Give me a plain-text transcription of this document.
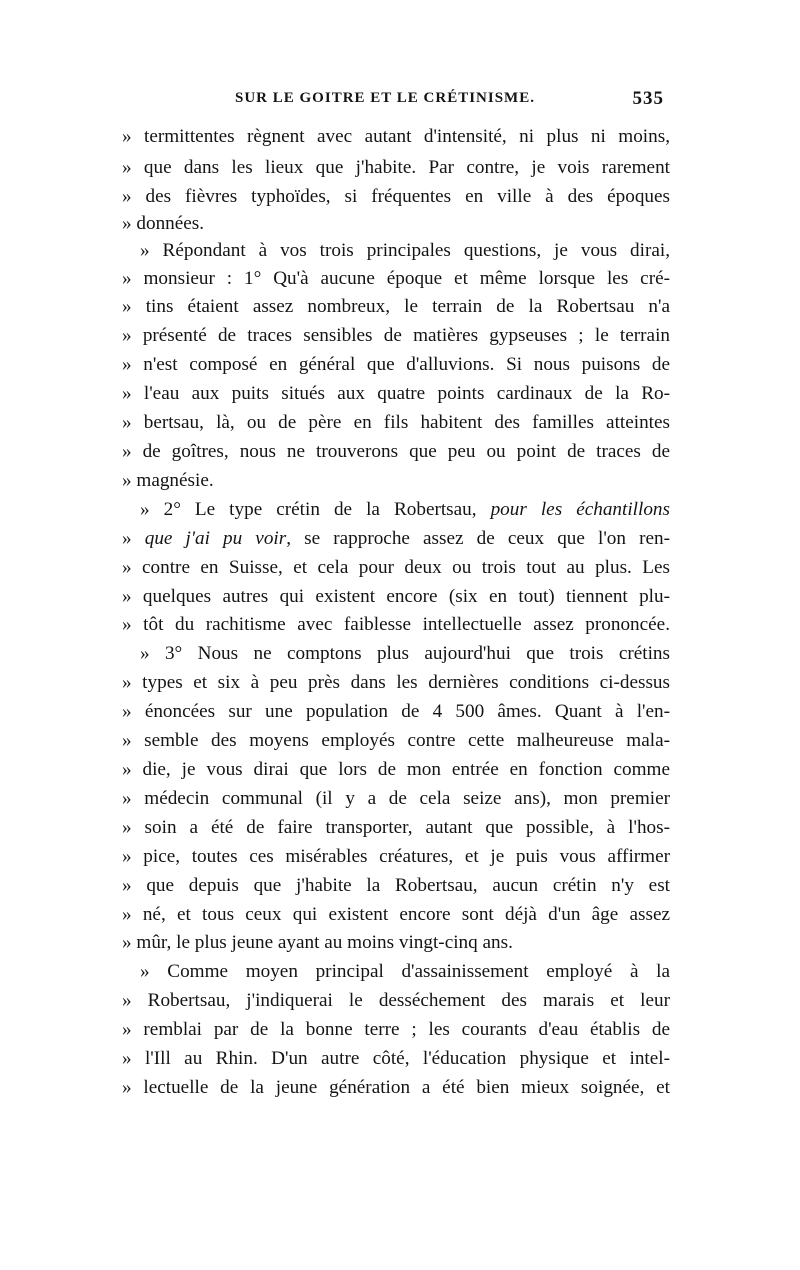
SUR LE GOITRE ET LE CRÉTINISME.	535
» termittentes règnent avec autant d'intensité, ni plus ni moins,
» que dans les lieux que j'habite. Par contre, je vois rarement
» des fièvres typhoïdes, si fréquentes en ville à des époques
» données.
» Répondant à vos trois principales questions, je vous dirai,
» monsieur : 1° Qu'à aucune époque et même lorsque les cré-
» tins étaient assez nombreux, le terrain de la Robertsau n'a
» présenté de traces sensibles de matières gypseuses ; le terrain
» n'est composé en général que d'alluvions. Si nous puisons de
» l'eau aux puits situés aux quatre points cardinaux de la Ro-
» bertsau, là, ou de père en fils habitent des familles atteintes
» de goîtres, nous ne trouverons que peu ou point de traces de
» magnésie.
» 2° Le type crétin de la Robertsau, pour les échantillons
» que j'ai pu voir, se rapproche assez de ceux que l'on ren-
» contre en Suisse, et cela pour deux ou trois tout au plus. Les
» quelques autres qui existent encore (six en tout) tiennent plu-
» tôt du rachitisme avec faiblesse intellectuelle assez prononcée.
» 3° Nous ne comptons plus aujourd'hui que trois crétins
» types et six à peu près dans les dernières conditions ci-dessus
» énoncées sur une population de 4 500 âmes. Quant à l'en-
» semble des moyens employés contre cette malheureuse mala-
» die, je vous dirai que lors de mon entrée en fonction comme
» médecin communal (il y a de cela seize ans), mon premier
» soin a été de faire transporter, autant que possible, à l'hos-
» pice, toutes ces misérables créatures, et je puis vous affirmer
» que depuis que j'habite la Robertsau, aucun crétin n'y est
» né, et tous ceux qui existent encore sont déjà d'un âge assez
» mûr, le plus jeune ayant au moins vingt-cinq ans.
» Comme moyen principal d'assainissement employé à la
» Robertsau, j'indiquerai le desséchement des marais et leur
» remblai par de la bonne terre ; les courants d'eau établis de
» l'Ill au Rhin. D'un autre côté, l'éducation physique et intel-
» lectuelle de la jeune génération a été bien mieux soignée, et
